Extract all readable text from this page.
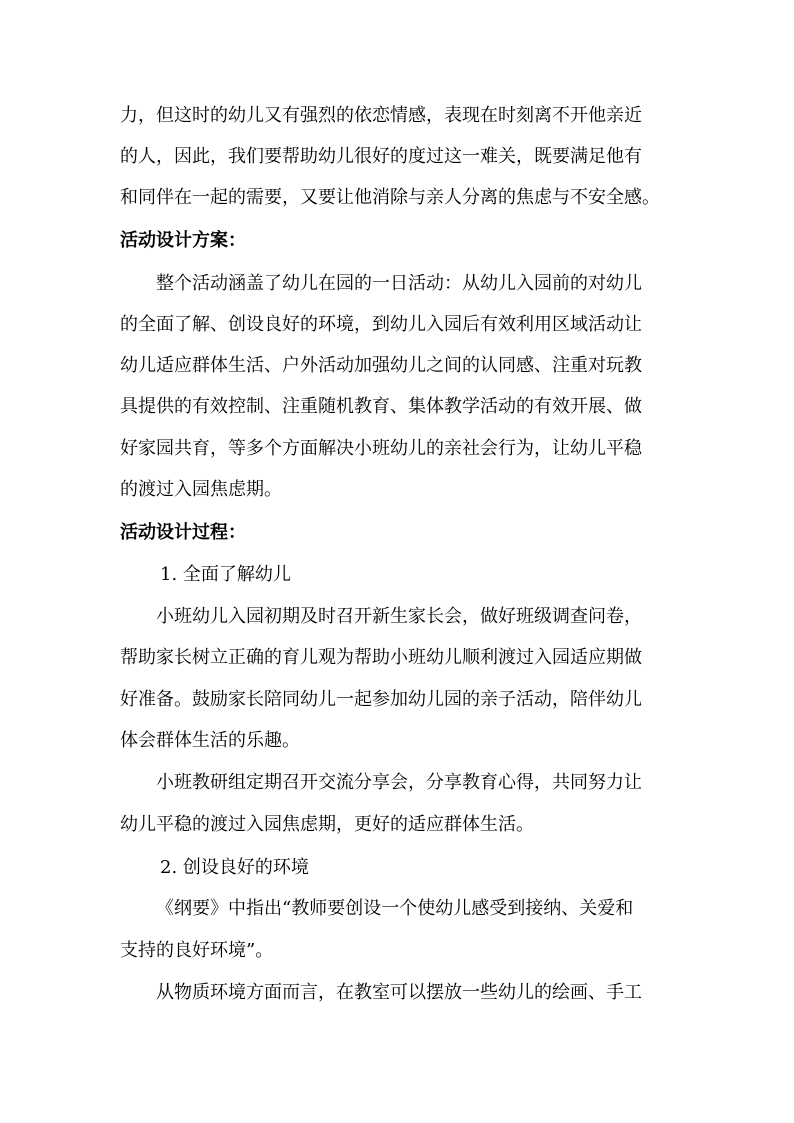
力，但这时的幼儿又有强烈的依恋情感，表现在时刻离不开他亲近
的人，因此，我们要帮助幼儿很好的度过这一难关，既要满足他有
和同伴在一起的需要，又要让他消除与亲人分离的焦虑与不安全感。
活动设计方案：
整个活动涵盖了幼儿在园的一日活动：从幼儿入园前的对幼儿
的全面了解、创设良好的环境，到幼儿入园后有效利用区域活动让
幼儿适应群体生活、户外活动加强幼儿之间的认同感、注重对玩教
具提供的有效控制、注重随机教育、集体教学活动的有效开展、做
好家园共育，等多个方面解决小班幼儿的亲社会行为，让幼儿平稳
的渡过入园焦虑期。
活动设计过程：
1. 全面了解幼儿
小班幼儿入园初期及时召开新生家长会，做好班级调查问卷，
帮助家长树立正确的育儿观为帮助小班幼儿顺利渡过入园适应期做
好准备。鼓励家长陪同幼儿一起参加幼儿园的亲子活动，陪伴幼儿
体会群体生活的乐趣。
小班教研组定期召开交流分享会，分享教育心得，共同努力让
幼儿平稳的渡过入园焦虑期，更好的适应群体生活。
2. 创设良好的环境
《纲要》中指出“教师要创设一个使幼儿感受到接纳、关爱和
支持的良好环境”。
从物质环境方面而言，在教室可以摆放一些幼儿的绘画、手工
